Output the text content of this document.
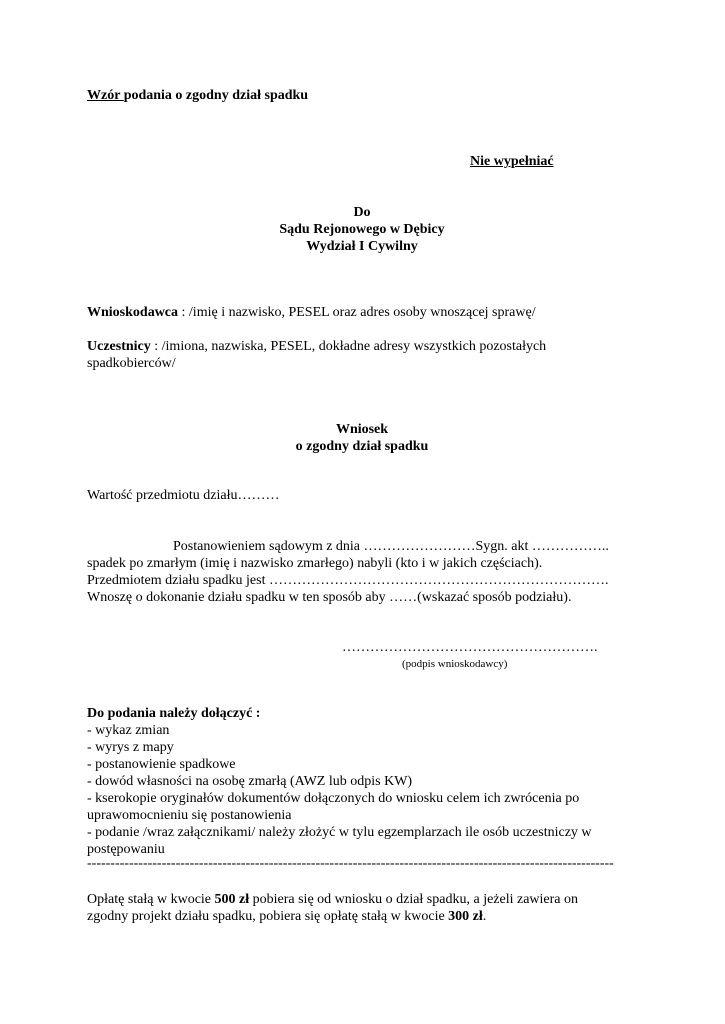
Wzór podania o zgodny dział spadku
Nie wypełniać
Do
Sądu Rejonowego w Dębicy
Wydział I Cywilny
Wnioskodawca : /imię i nazwisko, PESEL oraz adres osoby wnoszącej sprawę/
Uczestnicy : /imiona, nazwiska, PESEL, dokładne adresy wszystkich pozostałych
spadkobierców/
Wniosek
o zgodny dział spadku
Wartość przedmiotu działu………
Postanowieniem sądowym z dnia ……………………Sygn. akt ……………..
spadek po zmarłym (imię i nazwisko zmarłego) nabyli (kto i w jakich częściach).
Przedmiotem działu spadku jest ……………………………………………………………….
Wnoszę o dokonanie działu spadku w ten sposób aby ……(wskazać sposób podziału).
……………………………………………….
(podpis wnioskodawcy)
Do podania należy dołączyć :
- wykaz zmian
- wyrys z mapy
- postanowienie spadkowe
- dowód własności na osobę zmarłą (AWZ lub odpis KW)
- kserokopie oryginałów dokumentów dołączonych do wniosku celem ich zwrócenia po
uprawomocnieniu się postanowienia
- podanie /wraz załącznikami/ należy złożyć w tylu egzemplarzach ile osób uczestniczy w
postępowaniu
-----------------------------------------------------------------------------------------------------------------
Opłatę stałą w kwocie 500 zł pobiera się od wniosku o dział spadku, a jeżeli zawiera on
zgodny projekt działu spadku, pobiera się opłatę stałą w kwocie 300 zł.
